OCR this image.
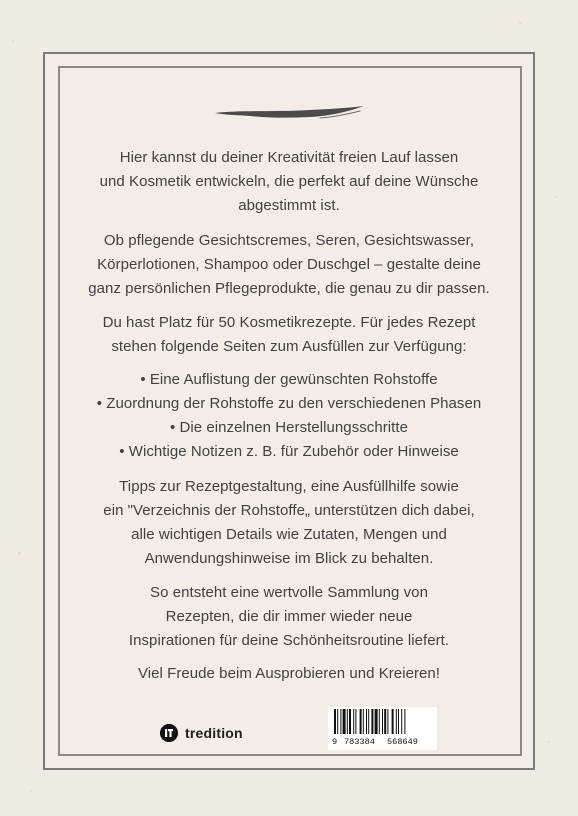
Hier kannst du deiner Kreativität freien Lauf lassen
und Kosmetik entwickeln, die perfekt auf deine Wünsche
abgestimmt ist.
Ob pflegende Gesichtscremes, Seren, Gesichtswasser,
Körperlotionen, Shampoo oder Duschgel – gestalte deine
ganz persönlichen Pflegeprodukte, die genau zu dir passen.
Du hast Platz für 50 Kosmetikrezepte. Für jedes Rezept
stehen folgende Seiten zum Ausfüllen zur Verfügung:
• Eine Auflistung der gewünschten Rohstoffe
• Zuordnung der Rohstoffe zu den verschiedenen Phasen
• Die einzelnen Herstellungsschritte
• Wichtige Notizen z. B. für Zubehör oder Hinweise
Tipps zur Rezeptgestaltung, eine Ausfüllhilfe sowie
ein "Verzeichnis der Rohstoffe„ unterstützen dich dabei,
alle wichtigen Details wie Zutaten, Mengen und
Anwendungshinweise im Blick zu behalten.
So entsteht eine wertvolle Sammlung von
Rezepten, die dir immer wieder neue
Inspirationen für deine Schönheitsroutine liefert.
Viel Freude beim Ausprobieren und Kreieren!
tredition
9 783384 568649
